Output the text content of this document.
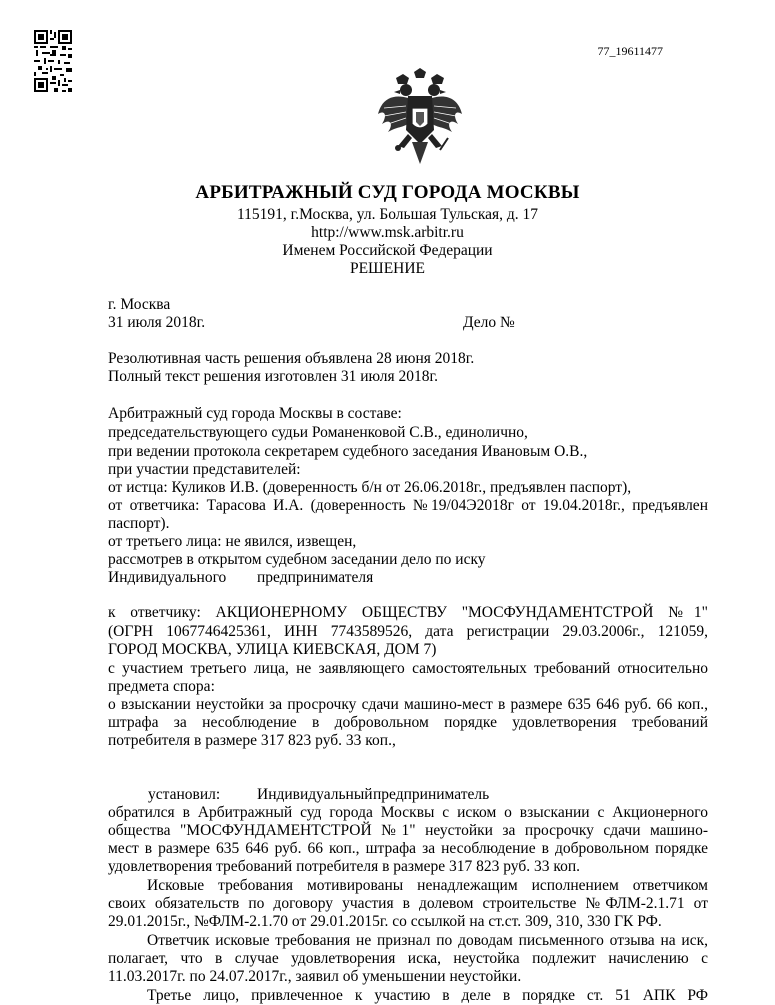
77_19611477
АРБИТРАЖНЫЙ СУД ГОРОДА МОСКВЫ
115191, г.Москва, ул. Большая Тульская, д. 17
http://www.msk.arbitr.ru
Именем Российской Федерации
РЕШЕНИЕ
г. Москва
31 июля 2018г.	Дело №
Резолютивная часть решения объявлена 28 июня 2018г.
Полный текст решения изготовлен 31 июля 2018г.
Арбитражный суд города Москвы в составе:
председательствующего судьи Романенковой С.В., единолично,
при ведении протокола секретарем судебного заседания Ивановым О.В.,
при участии представителей:
от истца: Куликов И.В. (доверенность б/н от 26.06.2018г., предъявлен паспорт),
от ответчика: Тарасова И.А. (доверенность №19/04Э2018г от 19.04.2018г., предъявлен
паспорт).
от третьего лица: не явился, извещен,
рассмотрев в открытом судебном заседании дело по иску
Индивидуального предпринимателя
к ответчику: АКЦИОНЕРНОМУ ОБЩЕСТВУ "МОСФУНДАМЕНТСТРОЙ №1"
(ОГРН 1067746425361, ИНН 7743589526, дата регистрации 29.03.2006г., 121059,
ГОРОД МОСКВА, УЛИЦА КИЕВСКАЯ, ДОМ 7)
с участием третьего лица, не заявляющего самостоятельных требований относительно
предмета спора:
о взыскании неустойки за просрочку сдачи машино-мест в размере 635 646 руб. 66 коп.,
штрафа за несоблюдение в добровольном порядке удовлетворения требований
потребителя в размере 317 823 руб. 33 коп.,
установил: Индивидуальный предприниматель
обратился в Арбитражный суд города Москвы с иском о взыскании с Акционерного
общества "МОСФУНДАМЕНТСТРОЙ №1" неустойки за просрочку сдачи машино-
мест в размере 635 646 руб. 66 коп., штрафа за несоблюдение в добровольном порядке
удовлетворения требований потребителя в размере 317 823 руб. 33 коп.
Исковые требования мотивированы ненадлежащим исполнением ответчиком
своих обязательств по договору участия в долевом строительстве №ФЛМ-2.1.71 от
29.01.2015г., №ФЛМ-2.1.70 от 29.01.2015г. со ссылкой на ст.ст. 309, 310, 330 ГК РФ.
Ответчик исковые требования не признал по доводам письменного отзыва на иск,
полагает, что в случае удовлетворения иска, неустойка подлежит начислению с
11.03.2017г. по 24.07.2017г., заявил об уменьшении неустойки.
Третье лицо, привлеченное к участию в деле в порядке ст. 51 АПК РФ
